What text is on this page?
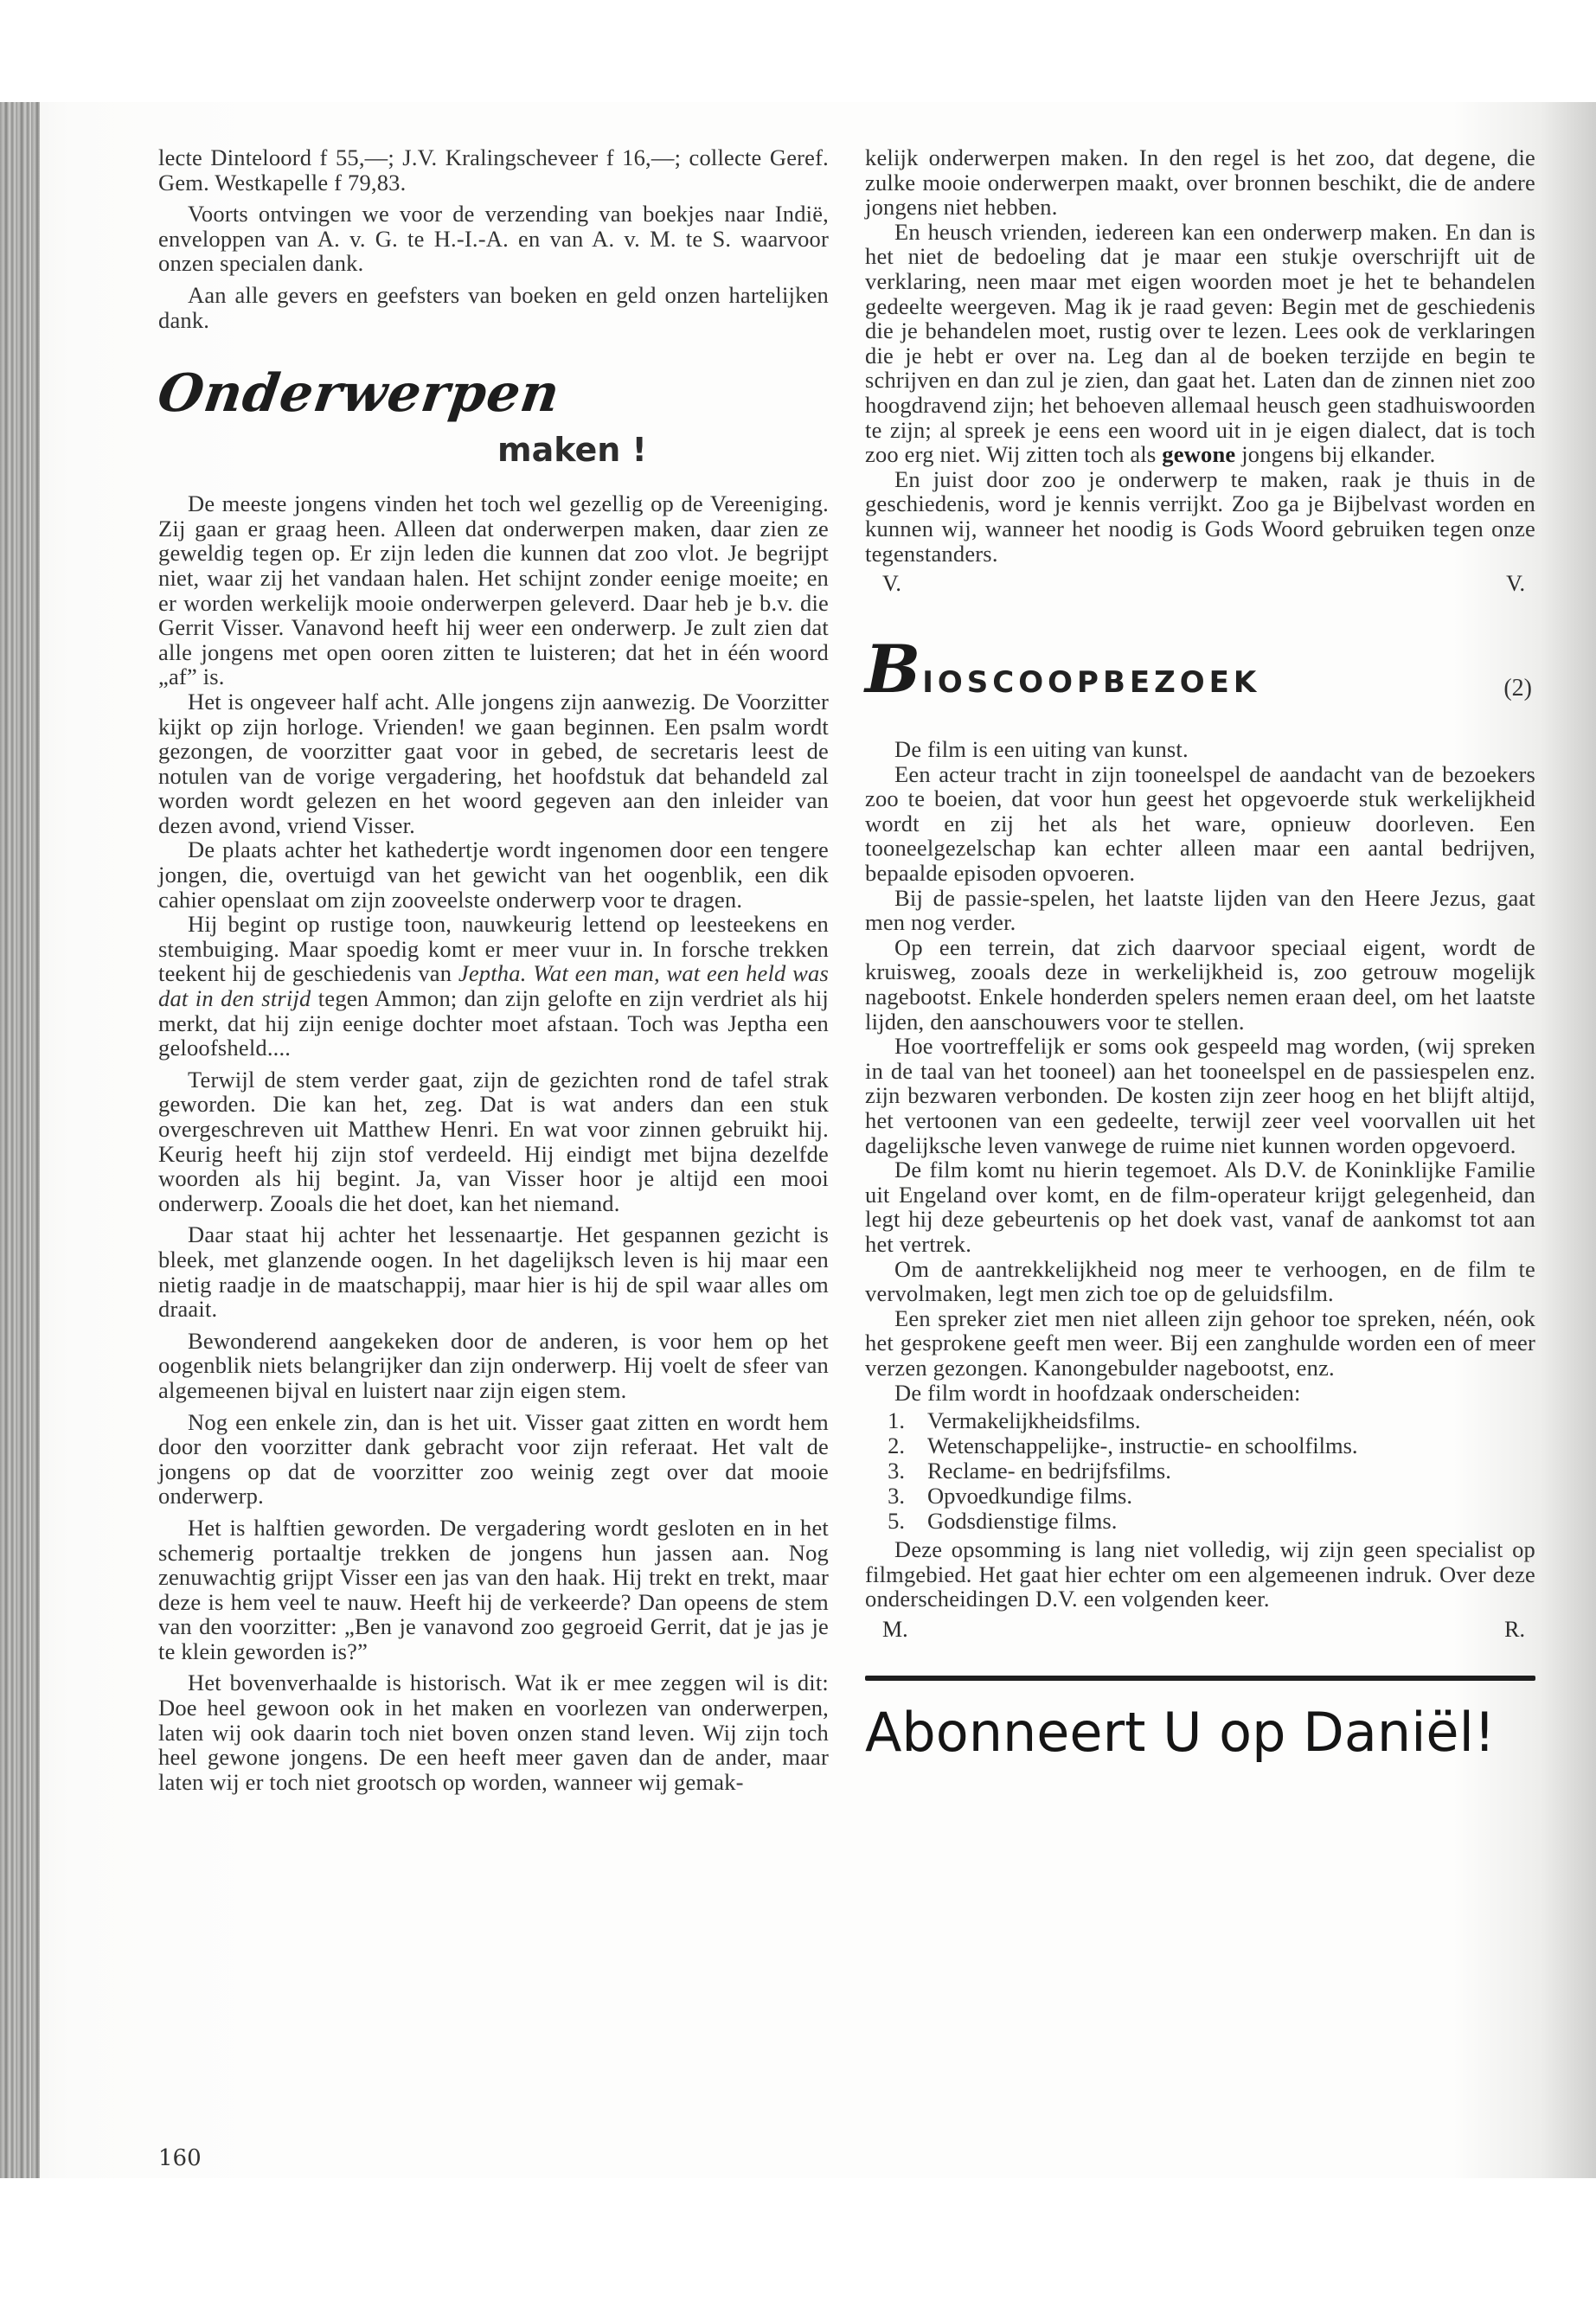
lecte Dinteloord f 55,—; J.V. Kralingscheveer f 16,—; collecte Geref. Gem. Westkapelle f 79,83.

Voorts ontvingen we voor de verzending van boekjes naar Indië, enveloppen van A. v. G. te H.-I.-A. en van A. v. M. te S. waarvoor onzen specialen dank.

Aan alle gevers en geefsters van boeken en geld onzen hartelijken dank.

Onderwerpen
maken !

De meeste jongens vinden het toch wel gezellig op de Vereeniging. Zij gaan er graag heen. Alleen dat onderwerpen maken, daar zien ze geweldig tegen op. Er zijn leden die kunnen dat zoo vlot. Je begrijpt niet, waar zij het vandaan halen. Het schijnt zonder eenige moeite; en er worden werkelijk mooie onderwerpen geleverd. Daar heb je b.v. die Gerrit Visser. Vanavond heeft hij weer een onderwerp. Je zult zien dat alle jongens met open ooren zitten te luisteren; dat het in één woord „af” is.

Het is ongeveer half acht. Alle jongens zijn aanwezig. De Voorzitter kijkt op zijn horloge. Vrienden! we gaan beginnen. Een psalm wordt gezongen, de voorzitter gaat voor in gebed, de secretaris leest de notulen van de vorige vergadering, het hoofdstuk dat behandeld zal worden wordt gelezen en het woord gegeven aan den inleider van dezen avond, vriend Visser.

De plaats achter het kathedertje wordt ingenomen door een tengere jongen, die, overtuigd van het gewicht van het oogenblik, een dik cahier openslaat om zijn zooveelste onderwerp voor te dragen.

Hij begint op rustige toon, nauwkeurig lettend op leesteekens en stembuiging. Maar spoedig komt er meer vuur in. In forsche trekken teekent hij de geschiedenis van Jeptha. Wat een man, wat een held was dat in den strijd tegen Ammon; dan zijn gelofte en zijn verdriet als hij merkt, dat hij zijn eenige dochter moet afstaan. Toch was Jeptha een geloofsheld....

Terwijl de stem verder gaat, zijn de gezichten rond de tafel strak geworden. Die kan het, zeg. Dat is wat anders dan een stuk overgeschreven uit Matthew Henri. En wat voor zinnen gebruikt hij. Keurig heeft hij zijn stof verdeeld. Hij eindigt met bijna dezelfde woorden als hij begint. Ja, van Visser hoor je altijd een mooi onderwerp. Zooals die het doet, kan het niemand.

Daar staat hij achter het lessenaartje. Het gespannen gezicht is bleek, met glanzende oogen. In het dagelijksch leven is hij maar een nietig raadje in de maatschappij, maar hier is hij de spil waar alles om draait.

Bewonderend aangekeken door de anderen, is voor hem op het oogenblik niets belangrijker dan zijn onderwerp. Hij voelt de sfeer van algemeenen bijval en luistert naar zijn eigen stem.

Nog een enkele zin, dan is het uit. Visser gaat zitten en wordt hem door den voorzitter dank gebracht voor zijn referaat. Het valt de jongens op dat de voorzitter zoo weinig zegt over dat mooie onderwerp.

Het is halftien geworden. De vergadering wordt gesloten en in het schemerig portaaltje trekken de jongens hun jassen aan. Nog zenuwachtig grijpt Visser een jas van den haak. Hij trekt en trekt, maar deze is hem veel te nauw. Heeft hij de verkeerde? Dan opeens de stem van den voorzitter: „Ben je vanavond zoo gegroeid Gerrit, dat je jas je te klein geworden is?”

Het bovenverhaalde is historisch. Wat ik er mee zeggen wil is dit: Doe heel gewoon ook in het maken en voorlezen van onderwerpen, laten wij ook daarin toch niet boven onzen stand leven. Wij zijn toch heel gewone jongens. De een heeft meer gaven dan de ander, maar laten wij er toch niet grootsch op worden, wanneer wij gemak-

kelijk onderwerpen maken. In den regel is het zoo, dat degene, die zulke mooie onderwerpen maakt, over bronnen beschikt, die de andere jongens niet hebben.

En heusch vrienden, iedereen kan een onderwerp maken. En dan is het niet de bedoeling dat je maar een stukje overschrijft uit de verklaring, neen maar met eigen woorden moet je het te behandelen gedeelte weergeven. Mag ik je raad geven: Begin met de geschiedenis die je behandelen moet, rustig over te lezen. Lees ook de verklaringen die je hebt er over na. Leg dan al de boeken terzijde en begin te schrijven en dan zul je zien, dan gaat het. Laten dan de zinnen niet zoo hoogdravend zijn; het behoeven allemaal heusch geen stadhuiswoorden te zijn; al spreek je eens een woord uit in je eigen dialect, dat is toch zoo erg niet. Wij zitten toch als gewone jongens bij elkander.

En juist door zoo je onderwerp te maken, raak je thuis in de geschiedenis, word je kennis verrijkt. Zoo ga je Bijbelvast worden en kunnen wij, wanneer het noodig is Gods Woord gebruiken tegen onze tegenstanders.

V.	V.
BIOSCOOPBEZOEK	(2)

De film is een uiting van kunst.

Een acteur tracht in zijn tooneelspel de aandacht van de bezoekers zoo te boeien, dat voor hun geest het opgevoerde stuk werkelijkheid wordt en zij het als het ware, opnieuw doorleven. Een tooneelgezelschap kan echter alleen maar een aantal bedrijven, bepaalde episoden opvoeren.

Bij de passie-spelen, het laatste lijden van den Heere Jezus, gaat men nog verder.

Op een terrein, dat zich daarvoor speciaal eigent, wordt de kruisweg, zooals deze in werkelijkheid is, zoo getrouw mogelijk nagebootst. Enkele honderden spelers nemen eraan deel, om het laatste lijden, den aanschouwers voor te stellen.

Hoe voortreffelijk er soms ook gespeeld mag worden, (wij spreken in de taal van het tooneel) aan het tooneelspel en de passiespelen enz. zijn bezwaren verbonden. De kosten zijn zeer hoog en het blijft altijd, het vertoonen van een gedeelte, terwijl zeer veel voorvallen uit het dagelijksche leven vanwege de ruime niet kunnen worden opgevoerd.

De film komt nu hierin tegemoet. Als D.V. de Koninklijke Familie uit Engeland over komt, en de film-operateur krijgt gelegenheid, dan legt hij deze gebeurtenis op het doek vast, vanaf de aankomst tot aan het vertrek.

Om de aantrekkelijkheid nog meer te verhoogen, en de film te vervolmaken, legt men zich toe op de geluidsfilm.

Een spreker ziet men niet alleen zijn gehoor toe spreken, néén, ook het gesprokene geeft men weer. Bij een zanghulde worden een of meer verzen gezongen. Kanongebulder nagebootst, enz.

De film wordt in hoofdzaak onderscheiden:

1. Vermakelijkheidsfilms.
2. Wetenschappelijke-, instructie- en schoolfilms.
3. Reclame- en bedrijfsfilms.
3. Opvoedkundige films.
5. Godsdienstige films.

Deze opsomming is lang niet volledig, wij zijn geen specialist op filmgebied. Het gaat hier echter om een algemeenen indruk. Over deze onderscheidingen D.V. een volgenden keer.

M.	R.
Abonneert U op Daniël!
160
